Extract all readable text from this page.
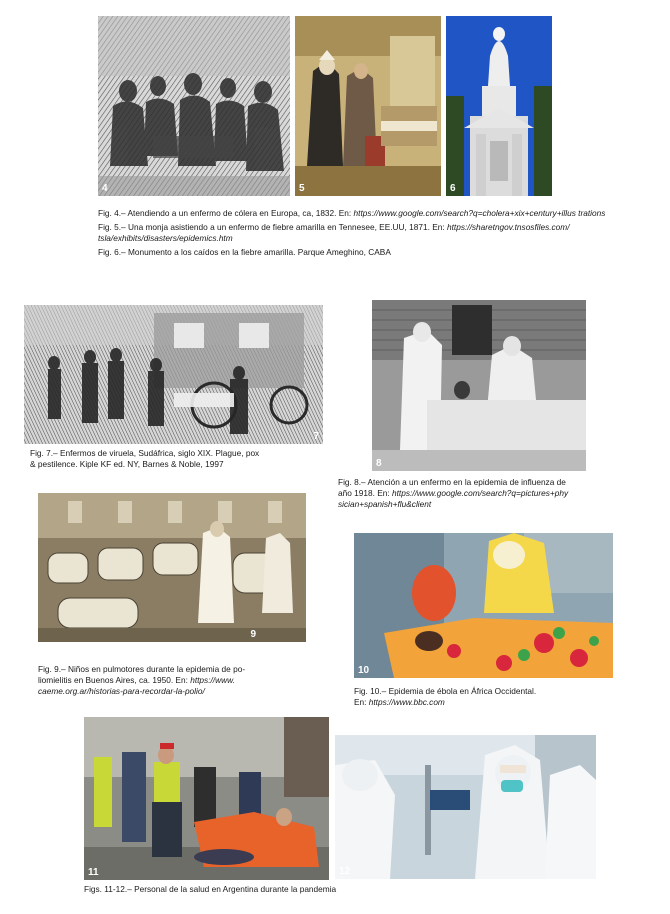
4	5	6
Fig. 4.– Atendiendo a un enfermo de cólera en Europa, ca, 1832. En: https://www.google.com/search?q=cholera+xix+century+illus trations
Fig. 5.– Una monja asistiendo a un enfermo de fiebre amarilla en Tennesee, EE.UU, 1871. En: https://sharetngov.tnsosfiles.com/
tsla/exhibits/disasters/epidemics.htm
Fig. 6.– Monumento a los caídos en la fiebre amarilla. Parque Ameghino, CABA
7
Fig. 7.– Enfermos de viruela, Sudáfrica, siglo XIX. Plague, pox
& pestilence. Kiple KF ed. NY, Barnes & Noble, 1997	8
Fig. 8.– Atención a un enfermo en la epidemia de influenza de
año 1918. En: https://www.google.com/search?q=pictures+phy
sician+spanish+flu&client
9
Fig. 9.– Niños en pulmotores durante la epidemia de po-
liomielitis en Buenos Aires, ca. 1950. En: https://www.
caeme.org.ar/historias-para-recordar-la-polio/
10
Fig. 10.– Epidemia de ébola en África Occidental.
En: https://www.bbc.com
11	12
Figs. 11-12.– Personal de la salud en Argentina durante la pandemia
